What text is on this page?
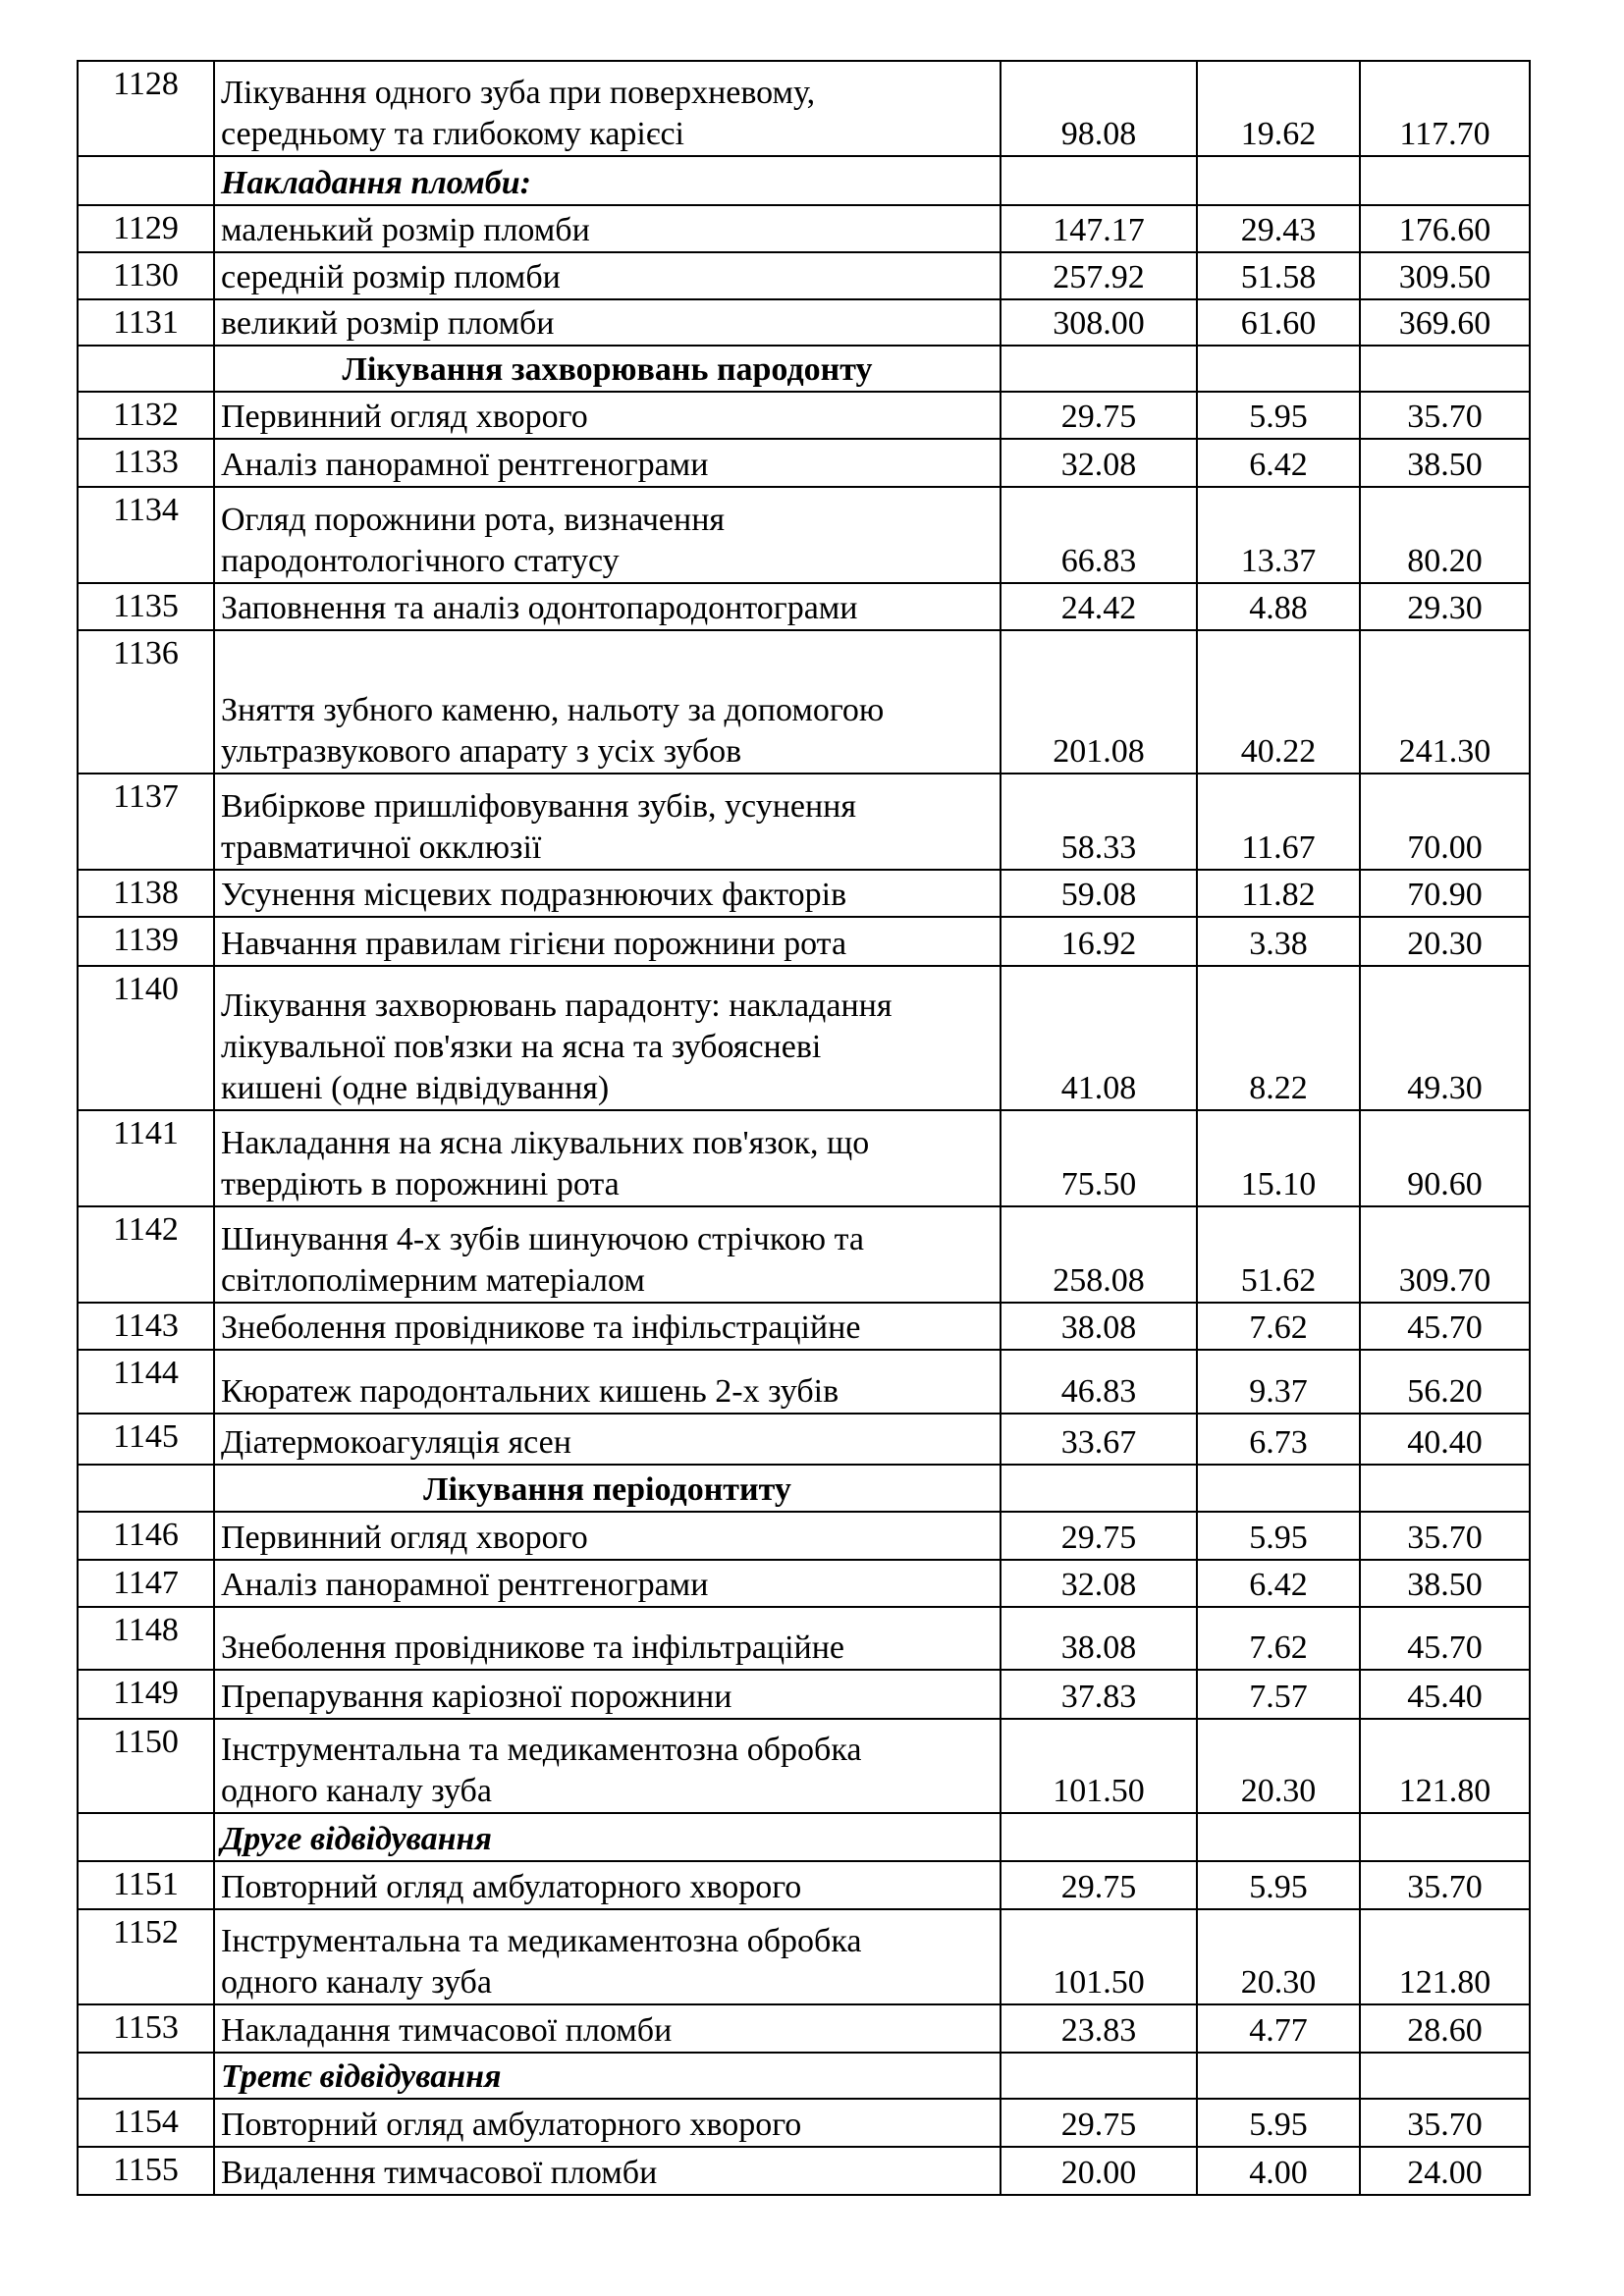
1128	Лікування одного зуба при поверхневому,
середньому та глибокому карієсі	98.08	19.62	117.70
	Накладання пломби:			
1129	маленький розмір пломби	147.17	29.43	176.60
1130	середній розмір пломби	257.92	51.58	309.50
1131	великий розмір пломби	308.00	61.60	369.60
	Лікування захворювань пародонту			
1132	Первинний огляд хворого	29.75	5.95	35.70
1133	Аналіз панорамної рентгенограми	32.08	6.42	38.50
1134	Огляд порожнини рота, визначення
пародонтологічного статусу	66.83	13.37	80.20
1135	Заповнення та аналіз одонтопародонтограми	24.42	4.88	29.30
1136	Зняття зубного каменю, нальоту за допомогою
ультразвукового апарату з усіх зубов	201.08	40.22	241.30
1137	Вибіркове пришліфовування зубів, усунення
травматичної окклюзії	58.33	11.67	70.00
1138	Усунення місцевих подразнюючих факторів	59.08	11.82	70.90
1139	Навчання правилам гігієни порожнини рота	16.92	3.38	20.30
1140	Лікування захворювань парадонту: накладання
лікувальної пов'язки на ясна та зубоясневі
кишені (одне відвідування)	41.08	8.22	49.30
1141	Накладання на ясна лікувальних пов'язок, що
твердіють в порожнині рота	75.50	15.10	90.60
1142	Шинування 4-х зубів шинуючою стрічкою та
світлополімерним матеріалом	258.08	51.62	309.70
1143	Знеболення провідникове та інфільстраційне	38.08	7.62	45.70
1144	Кюратеж пародонтальних кишень 2-х зубів	46.83	9.37	56.20
1145	Діатермокоагуляція ясен	33.67	6.73	40.40
	Лікування періодонтиту			
1146	Первинний огляд хворого	29.75	5.95	35.70
1147	Аналіз панорамної рентгенограми	32.08	6.42	38.50
1148	Знеболення провідникове та інфільтраційне	38.08	7.62	45.70
1149	Препарування каріозної порожнини	37.83	7.57	45.40
1150	Інструментальна та медикаментозна обробка
одного каналу зуба	101.50	20.30	121.80
	Друге відвідування			
1151	Повторний огляд амбулаторного хворого	29.75	5.95	35.70
1152	Інструментальна та медикаментозна обробка
одного каналу зуба	101.50	20.30	121.80
1153	Накладання тимчасової пломби	23.83	4.77	28.60
	Третє відвідування			
1154	Повторний огляд амбулаторного хворого	29.75	5.95	35.70
1155	Видалення тимчасової пломби	20.00	4.00	24.00
